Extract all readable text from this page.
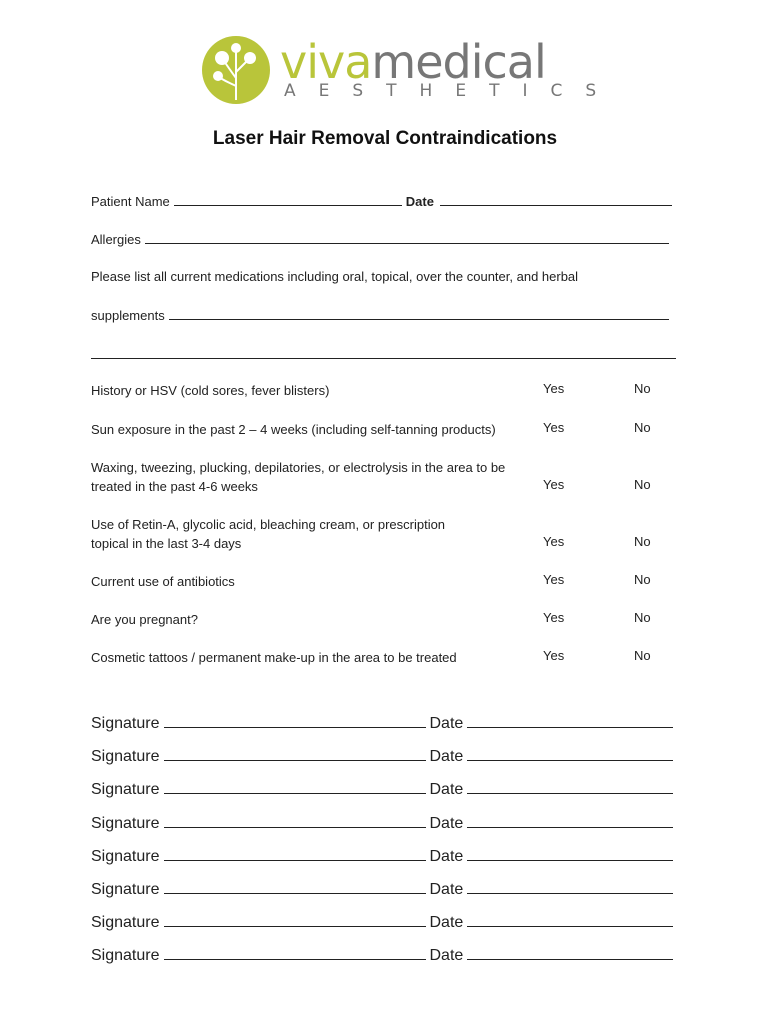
vivamedical
AESTHETICS
Laser Hair Removal Contraindications
Patient Name	Date
Allergies
Please list all current medications including oral, topical, over the counter, and herbal
supplements
History or HSV (cold sores, fever blisters)	Yes	No
Sun exposure in the past 2 – 4 weeks (including self-tanning products)	Yes	No
Waxing, tweezing, plucking, depilatories, or electrolysis in the area to be treated in the past 4-6 weeks	Yes	No
Use of Retin-A, glycolic acid, bleaching cream, or prescription topical in the last 3-4 days	Yes	No
Current use of antibiotics	Yes	No
Are you pregnant?	Yes	No
Cosmetic tattoos / permanent make-up in the area to be treated	Yes	No
Signature	Date
Signature	Date
Signature	Date
Signature	Date
Signature	Date
Signature	Date
Signature	Date
Signature	Date
